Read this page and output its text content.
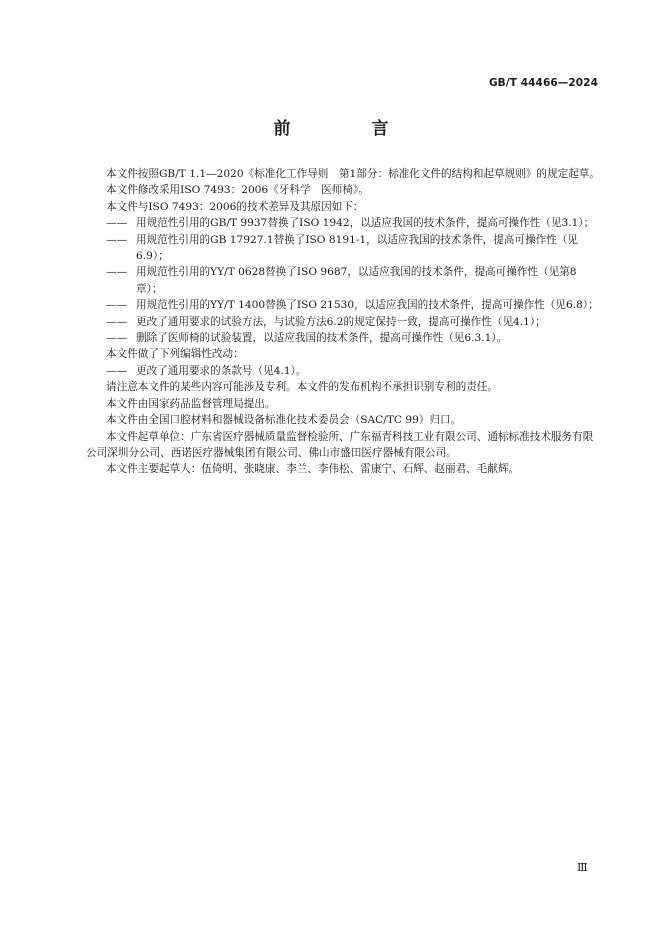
GB/T 44466—2024
前　言

本文件按照GB/T 1.1—2020《标准化工作导则　第1部分：标准化文件的结构和起草规则》的规定起草。

本文件修改采用ISO 7493：2006《牙科学　医师椅》。

本文件与ISO 7493：2006的技术差异及其原因如下：

—— 用规范性引用的GB/T 9937替换了ISO 1942，以适应我国的技术条件，提高可操作性（见3.1）；
—— 用规范性引用的GB 17927.1替换了ISO 8191-1，以适应我国的技术条件，提高可操作性（见6.9）；
—— 用规范性引用的YY/T 0628替换了ISO 9687，以适应我国的技术条件，提高可操作性（见第8章）；
—— 用规范性引用的YY/T 1400替换了ISO 21530，以适应我国的技术条件，提高可操作性（见6.8）；
—— 更改了通用要求的试验方法，与试验方法6.2的规定保持一致，提高可操作性（见4.1）；
—— 删除了医师椅的试验装置，以适应我国的技术条件，提高可操作性（见6.3.1）。

本文件做了下列编辑性改动：

—— 更改了通用要求的条款号（见4.1）。

请注意本文件的某些内容可能涉及专利。本文件的发布机构不承担识别专利的责任。

本文件由国家药品监督管理局提出。

本文件由全国口腔材料和器械设备标准化技术委员会（SAC/TC 99）归口。

本文件起草单位：广东省医疗器械质量监督检验所、广东福青科技工业有限公司、通标标准技术服务有限公司深圳分公司、西诺医疗器械集团有限公司、佛山市盛田医疗器械有限公司。

本文件主要起草人：伍倚明、张晓康、李兰、李伟松、雷康宁、石辉、赵丽君、毛献辉。

Ⅲ
